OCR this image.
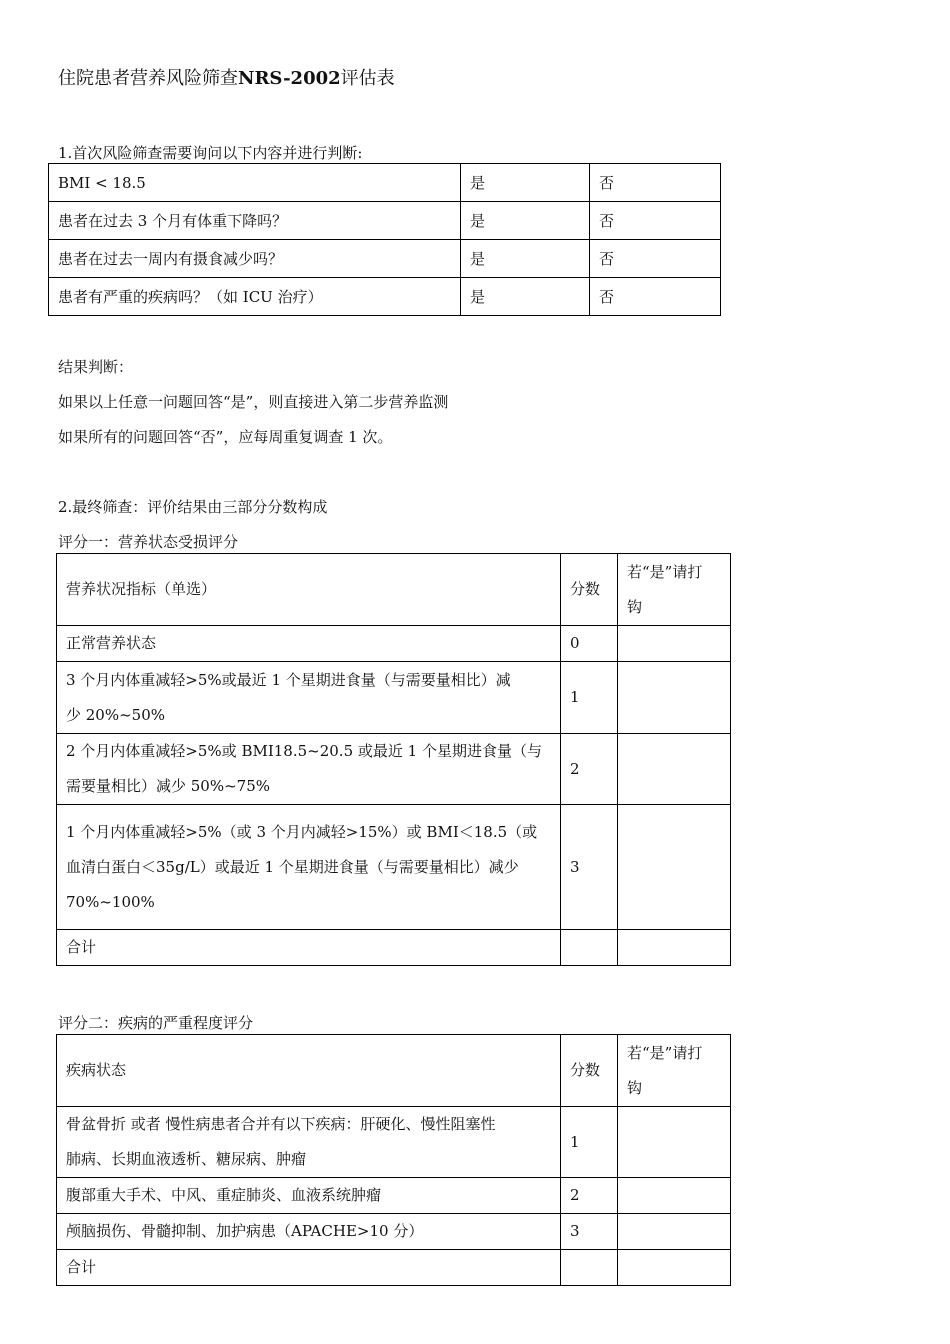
住院患者营养风险筛查NRS-2002评估表
1.首次风险筛查需要询问以下内容并进行判断:
BMI < 18.5	是	否
患者在过去 3 个月有体重下降吗？	是	否
患者在过去一周内有摄食减少吗？	是	否
患者有严重的疾病吗？（如 ICU 治疗）	是	否
结果判断：
如果以上任意一问题回答“是”，则直接进入第二步营养监测
如果所有的问题回答“否”，应每周重复调查 1 次。
2.最终筛查：评价结果由三部分分数构成
评分一：营养状态受损评分
营养状况指标（单选）	分数	若“是”请打
钩

正常营养状态	0	

3 个月内体重减轻>5%或最近 1 个星期进食量（与需要量相比）减
少 20%~50%	1	

2 个月内体重减轻>5%或 BMI18.5~20.5 或最近 1 个星期进食量（与
需要量相比）减少 50%~75%	2	

1 个月内体重减轻>5%（或 3 个月内减轻>15%）或 BMI＜18.5（或
血清白蛋白＜35g/L）或最近 1 个星期进食量（与需要量相比）减少
70%~100%	3	
合计		
评分二：疾病的严重程度评分
疾病状态	分数	若“是”请打
钩

骨盆骨折 或者 慢性病患者合并有以下疾病：肝硬化、慢性阻塞性
肺病、长期血液透析、糖尿病、肿瘤	1	

腹部重大手术、中风、重症肺炎、血液系统肿瘤	2	

颅脑损伤、骨髓抑制、加护病患（APACHE>10 分）	3	
合计		
